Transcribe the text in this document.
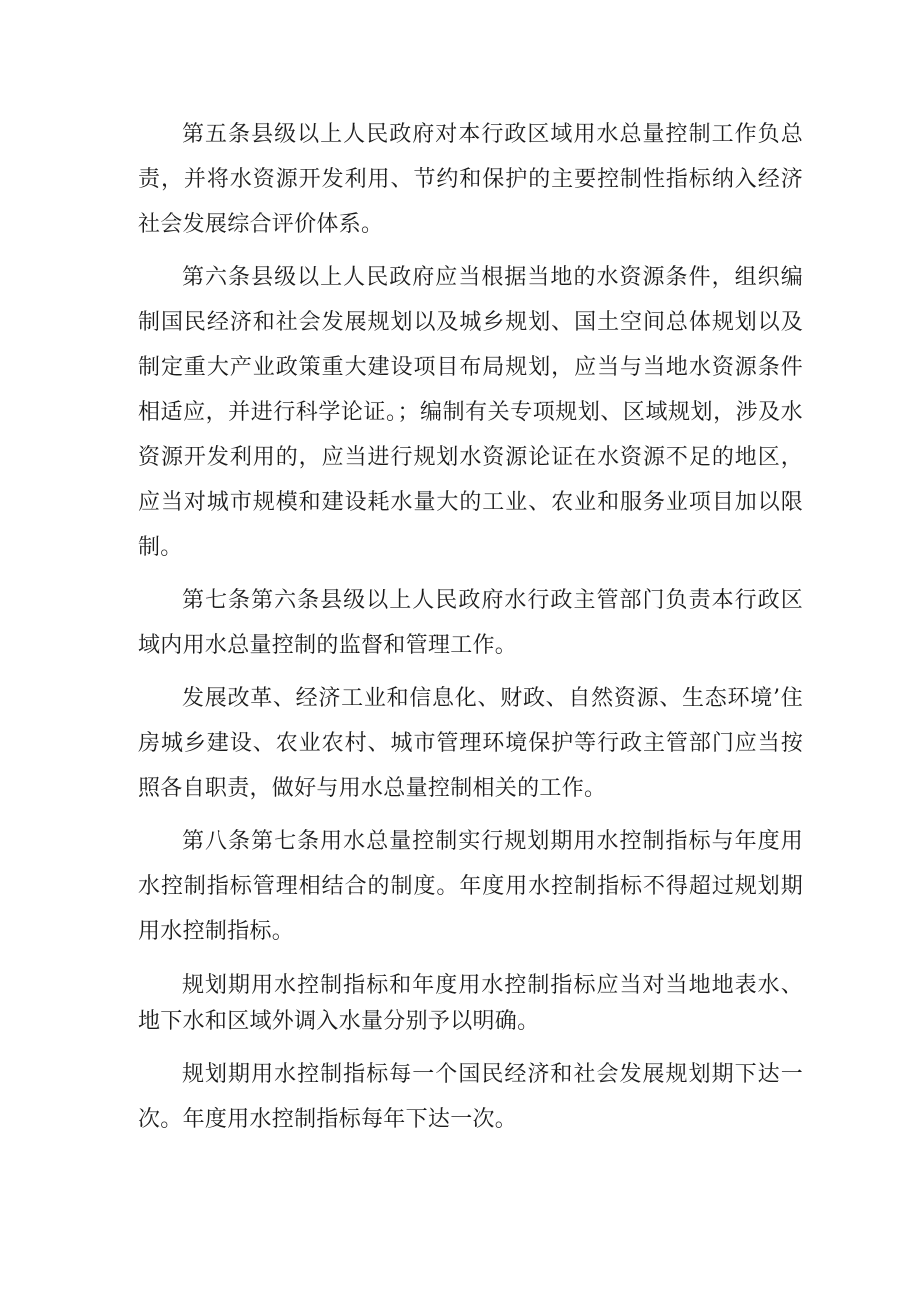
第五条县级以上人民政府对本行政区域用水总量控制工作负总责，并将水资源开发利用、节约和保护的主要控制性指标纳入经济社会发展综合评价体系。

第六条县级以上人民政府应当根据当地的水资源条件，组织编制国民经济和社会发展规划以及城乡规划、国土空间总体规划以及制定重大产业政策重大建设项目布局规划，应当与当地水资源条件相适应，并进行科学论证。；编制有关专项规划、区域规划，涉及水资源开发利用的，应当进行规划水资源论证在水资源不足的地区，应当对城市规模和建设耗水量大的工业、农业和服务业项目加以限制。

第七条第六条县级以上人民政府水行政主管部门负责本行政区域内用水总量控制的监督和管理工作。

发展改革、经济工业和信息化、财政、自然资源、生态环境’住房城乡建设、农业农村、城市管理环境保护等行政主管部门应当按照各自职责，做好与用水总量控制相关的工作。

第八条第七条用水总量控制实行规划期用水控制指标与年度用水控制指标管理相结合的制度。年度用水控制指标不得超过规划期用水控制指标。

规划期用水控制指标和年度用水控制指标应当对当地地表水、地下水和区域外调入水量分别予以明确。

规划期用水控制指标每一个国民经济和社会发展规划期下达一次。年度用水控制指标每年下达一次。
